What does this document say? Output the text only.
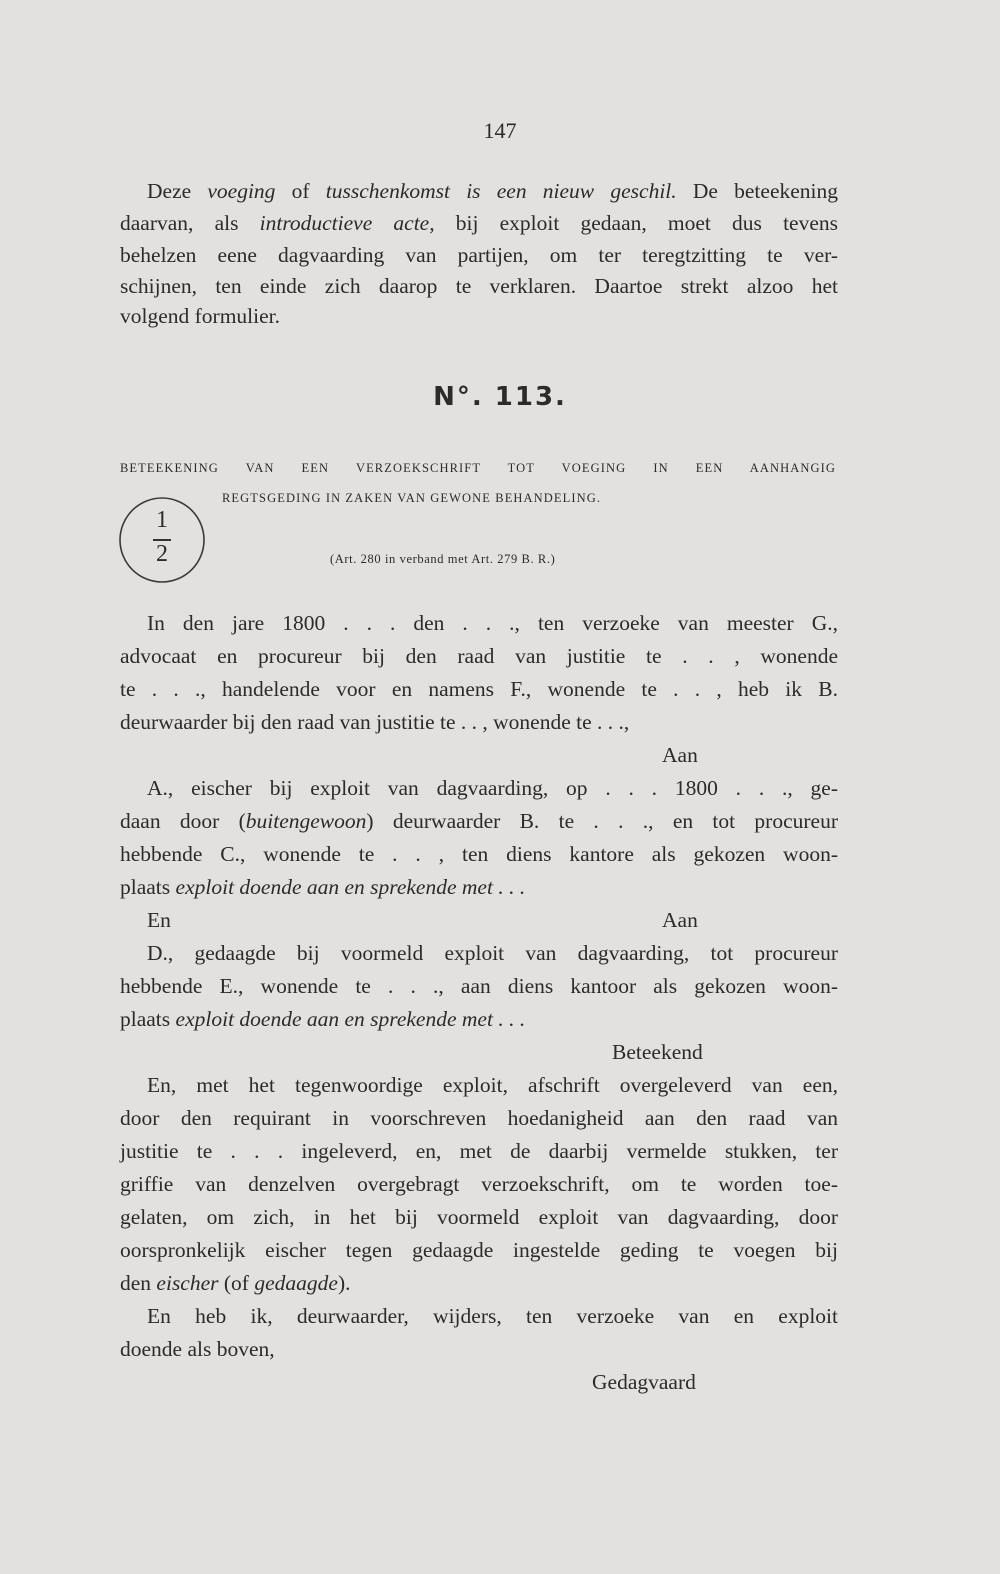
147
Deze voeging of tusschenkomst is een nieuw geschil. De beteekening
daarvan, als introductieve acte, bij exploit gedaan, moet dus tevens
behelzen eene dagvaarding van partijen, om ter teregtzitting te ver-
schijnen, ten einde zich daarop te verklaren. Daartoe strekt alzoo het
volgend formulier.
N°. 113.
BETEEKENING VAN EEN VERZOEKSCHRIFT TOT VOEGING IN EEN AANHANGIG
REGTSGEDING IN ZAKEN VAN GEWONE BEHANDELING.
1
2	(Art. 280 in verband met Art. 279 B. R.)
In den jare 1800 . . . den . . ., ten verzoeke van meester G.,
advocaat en procureur bij den raad van justitie te . . , wonende
te . . ., handelende voor en namens F., wonende te . . , heb ik B.
deurwaarder bij den raad van justitie te . . , wonende te . . .,
Aan
A., eischer bij exploit van dagvaarding, op . . . 1800 . . ., ge-
daan door (buitengewoon) deurwaarder B. te . . ., en tot procureur
hebbende C., wonende te . . , ten diens kantore als gekozen woon-
plaats exploit doende aan en sprekende met . . .
En	Aan
D., gedaagde bij voormeld exploit van dagvaarding, tot procureur
hebbende E., wonende te . . ., aan diens kantoor als gekozen woon-
plaats exploit doende aan en sprekende met . . .
Beteekend
En, met het tegenwoordige exploit, afschrift overgeleverd van een,
door den requirant in voorschreven hoedanigheid aan den raad van
justitie te . . . ingeleverd, en, met de daarbij vermelde stukken, ter
griffie van denzelven overgebragt verzoekschrift, om te worden toe-
gelaten, om zich, in het bij voormeld exploit van dagvaarding, door
oorspronkelijk eischer tegen gedaagde ingestelde geding te voegen bij
den eischer (of gedaagde).
En heb ik, deurwaarder, wijders, ten verzoeke van en exploit
doende als boven,
Gedagvaard
